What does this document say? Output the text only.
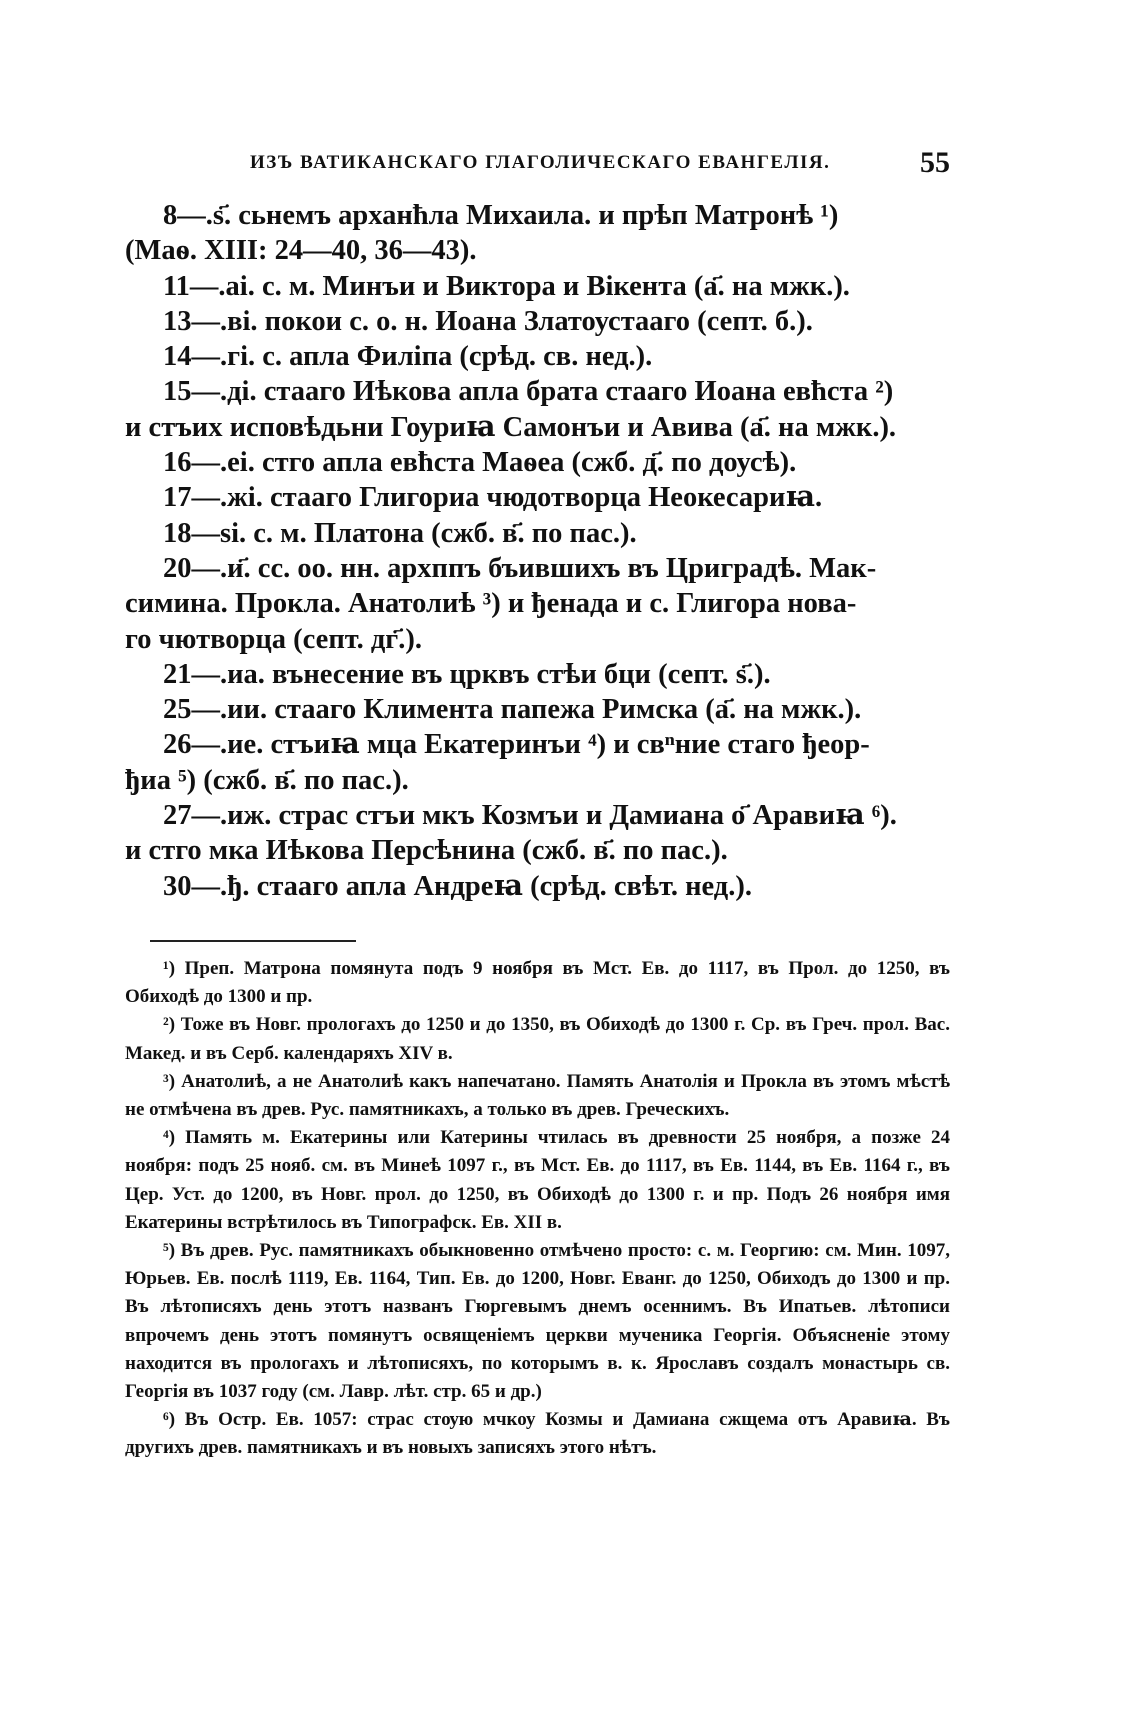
ИЗЪ ВАТИКАНСКАГО ГЛАГОЛИЧЕСКАГО ЕВАНГЕЛІЯ.	55

8—.ѕ҃. сьнемъ арханћла Михаила. и прѣп Матронѣ ¹)

(Маѳ. XIII: 24—40, 36—43).

11—.аі. с. м. Минъи и Виктора и Вікента (а҃. на мжк.).

13—.ві. покои с. о. н. Иоана Златоустааго (септ. б.).

14—.гі. с. апла Филіпа (срѣд. св. нед.).

15—.ді. стааго Иѣкова апла брата стааго Иоана евћста ²)

и стъих исповѣдьни Гоуриꙗ Самонъи и Авива (а҃. на мжк.).

16—.еі. стго апла евћста Маѳеа (сжб. д҃. по доусѣ).

17—.жі. стааго Глигориа чюдотворца Неокесариꙗ.

18—sі. с. м. Платона (сжб. в҃. по пас.).

20—.и҃. сс. оо. нн. архппъ бъившихъ въ Цриградѣ. Мак-

симина. Прокла. Анатолиѣ ³) и ђенада и с. Глигора нова-

го чютворца (септ. дг҃.).

21—.иа. вънесение въ црквъ стѣи бци (септ. ѕ҃.).

25—.ии. стааго Климента папежа Римска (а҃. на мжк.).

26—.ие. стъиꙗ мца Екатеринъи ⁴) и свⁿние стаго ђеор-

ђиа ⁵) (сжб. в҃. по пас.).

27—.иж. страс стъи мкъ Козмъи и Дамиана о҃ Аравиꙗ ⁶).

и стго мка Иѣкова Персѣнина (сжб. в҃. по пас.).

30—.ђ. стааго апла Андреꙗ (срѣд. свѣт. нед.).

¹) Преп. Матрона помянута подъ 9 ноября въ Мст. Ев. до 1117, въ Прол. до 1250, въ Обиходѣ до 1300 и пр.

²) Тоже въ Новг. прологахъ до 1250 и до 1350, въ Обиходѣ до 1300 г. Ср. въ Греч. прол. Вас. Макед. и въ Серб. календаряхъ XIV в.

³) Анатолиѣ, а не Анатолиѣ какъ напечатано. Память Анатолія и Прокла въ этомъ мѣстѣ не отмѣчена въ древ. Рус. памятникахъ, а только въ древ. Греческихъ.

⁴) Память м. Екатерины или Катерины чтилась въ древности 25 ноября, а позже 24 ноября: подъ 25 нояб. см. въ Минеѣ 1097 г., въ Мст. Ев. до 1117, въ Ев. 1144, въ Ев. 1164 г., въ Цер. Уст. до 1200, въ Новг. прол. до 1250, въ Обиходѣ до 1300 г. и пр. Подъ 26 ноября имя Екатерины встрѣтилось въ Типографск. Ев. XII в.

⁵) Въ древ. Рус. памятникахъ обыкновенно отмѣчено просто: с. м. Георгию: см. Мин. 1097, Юрьев. Ев. послѣ 1119, Ев. 1164, Тип. Ев. до 1200, Новг. Еванг. до 1250, Обиходъ до 1300 и пр. Въ лѣтописяхъ день этотъ названъ Гюргевымъ днемъ осеннимъ. Въ Ипатьев. лѣтописи впрочемъ день этотъ помянутъ освященіемъ церкви мученика Георгія. Объясненіе этому находится въ прологахъ и лѣтописяхъ, по которымъ в. к. Ярославъ создалъ монастырь св. Георгія въ 1037 году (см. Лавр. лѣт. стр. 65 и др.)

⁶) Въ Остр. Ев. 1057: страс стѹю мчкоу Козмы и Дамиана сжщема отъ Аравиꙗ. Въ другихъ древ. памятникахъ и въ новыхъ записяхъ этого нѣтъ.
